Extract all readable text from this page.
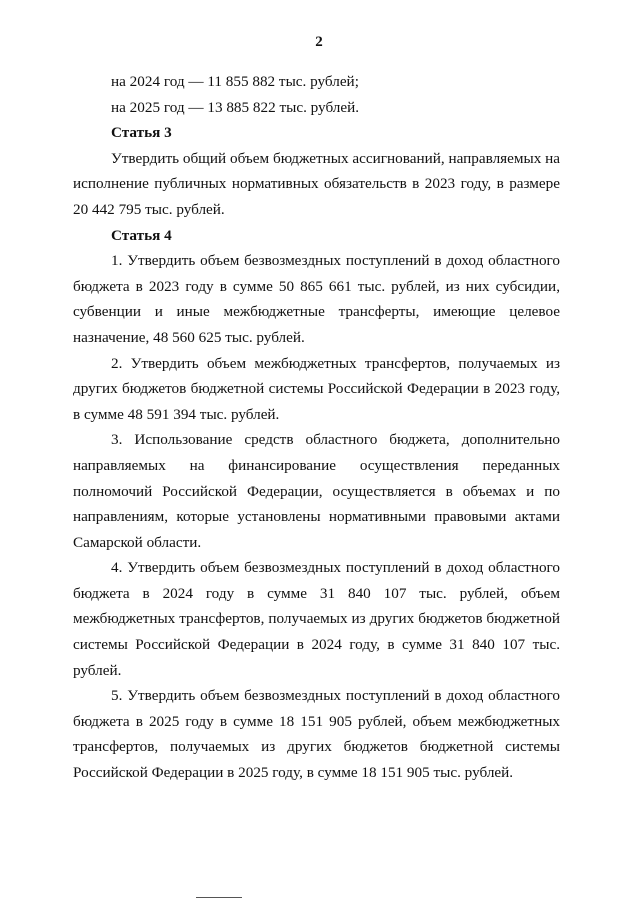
2

на 2024 год — 11 855 882 тыс. рублей;

на 2025 год — 13 885 822 тыс. рублей.

Статья 3

Утвердить общий объем бюджетных ассигнований, направляемых на исполнение публичных нормативных обязательств в 2023 году, в размере 20 442 795 тыс. рублей.

Статья 4

1. Утвердить объем безвозмездных поступлений в доход областного бюджета в 2023 году в сумме 50 865 661 тыс. рублей, из них субсидии, субвенции и иные межбюджетные трансферты, имеющие целевое назначение, 48 560 625 тыс. рублей.

2. Утвердить объем межбюджетных трансфертов, получаемых из других бюджетов бюджетной системы Российской Федерации в 2023 году, в сумме 48 591 394 тыс. рублей.

3. Использование средств областного бюджета, дополнительно направляемых на финансирование осуществления переданных полномочий Российской Федерации, осуществляется в объемах и по направлениям, которые установлены нормативными правовыми актами Самарской области.

4. Утвердить объем безвозмездных поступлений в доход областного бюджета в 2024 году в сумме 31 840 107 тыс. рублей, объем межбюджетных трансфертов, получаемых из других бюджетов бюджетной системы Российской Федерации в 2024 году, в сумме 31 840 107 тыс. рублей.

5. Утвердить объем безвозмездных поступлений в доход областного бюджета в 2025 году в сумме 18 151 905 рублей, объем межбюджетных трансфертов, получаемых из других бюджетов бюджетной системы Российской Федерации в 2025 году, в сумме 18 151 905 тыс. рублей.
